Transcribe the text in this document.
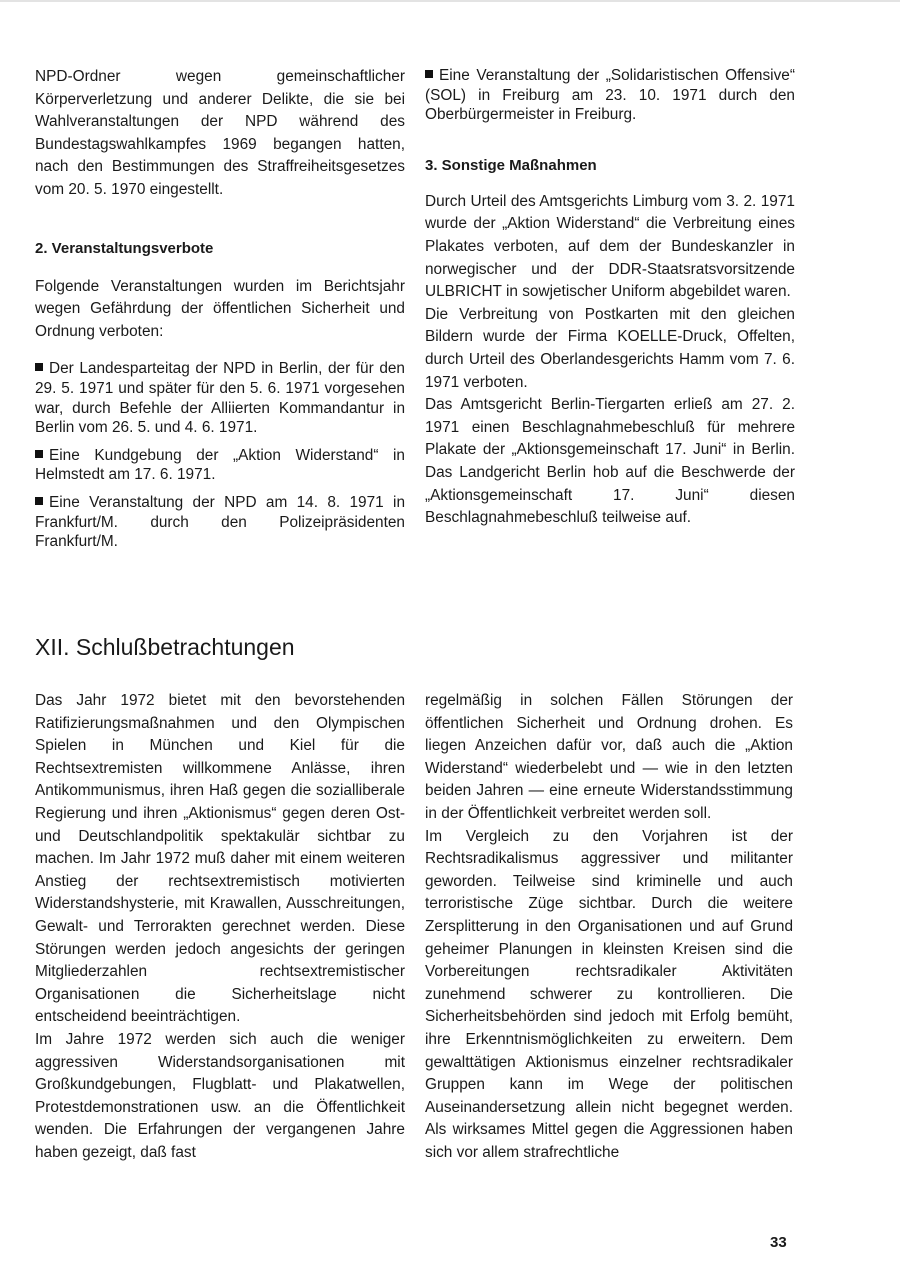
NPD-Ordner wegen gemeinschaftlicher Körperverletzung und anderer Delikte, die sie bei Wahlveranstaltungen der NPD während des Bundestagswahlkampfes 1969 begangen hatten, nach den Bestimmungen des Straffreiheitsgesetzes vom 20. 5. 1970 eingestellt.

2. Veranstaltungsverbote

Folgende Veranstaltungen wurden im Berichtsjahr wegen Gefährdung der öffentlichen Sicherheit und Ordnung verboten:

Der Landesparteitag der NPD in Berlin, der für den 29. 5. 1971 und später für den 5. 6. 1971 vorgesehen war, durch Befehle der Alliierten Kommandantur in Berlin vom 26. 5. und 4. 6. 1971.

Eine Kundgebung der „Aktion Widerstand“ in Helmstedt am 17. 6. 1971.

Eine Veranstaltung der NPD am 14. 8. 1971 in Frankfurt/M. durch den Polizeipräsidenten Frankfurt/M.

Eine Veranstaltung der „Solidaristischen Offensive“ (SOL) in Freiburg am 23. 10. 1971 durch den Oberbürgermeister in Freiburg.

3. Sonstige Maßnahmen

Durch Urteil des Amtsgerichts Limburg vom 3. 2. 1971 wurde der „Aktion Widerstand“ die Verbreitung eines Plakates verboten, auf dem der Bundeskanzler in norwegischer und der DDR-Staatsratsvorsitzende ULBRICHT in sowjetischer Uniform abgebildet waren.

Die Verbreitung von Postkarten mit den gleichen Bildern wurde der Firma KOELLE-Druck, Offelten, durch Urteil des Oberlandesgerichts Hamm vom 7. 6. 1971 verboten.

Das Amtsgericht Berlin-Tiergarten erließ am 27. 2. 1971 einen Beschlagnahmebeschluß für mehrere Plakate der „Aktionsgemeinschaft 17. Juni“ in Berlin. Das Landgericht Berlin hob auf die Beschwerde der „Aktionsgemeinschaft 17. Juni“ diesen Beschlagnahmebeschluß teilweise auf.

XII. Schlußbetrachtungen

Das Jahr 1972 bietet mit den bevorstehenden Ratifizierungsmaßnahmen und den Olympischen Spielen in München und Kiel für die Rechtsextremisten willkommene Anlässe, ihren Antikommunismus, ihren Haß gegen die sozialliberale Regierung und ihren „Aktionismus“ gegen deren Ost- und Deutschlandpolitik spektakulär sichtbar zu machen. Im Jahr 1972 muß daher mit einem weiteren Anstieg der rechtsextremistisch motivierten Widerstandshysterie, mit Krawallen, Ausschreitungen, Gewalt- und Terrorakten gerechnet werden. Diese Störungen werden jedoch angesichts der geringen Mitgliederzahlen rechtsextremistischer Organisationen die Sicherheitslage nicht entscheidend beeinträchtigen.

Im Jahre 1972 werden sich auch die weniger aggressiven Widerstandsorganisationen mit Großkundgebungen, Flugblatt- und Plakatwellen, Protestdemonstrationen usw. an die Öffentlichkeit wenden. Die Erfahrungen der vergangenen Jahre haben gezeigt, daß fast

regelmäßig in solchen Fällen Störungen der öffentlichen Sicherheit und Ordnung drohen. Es liegen Anzeichen dafür vor, daß auch die „Aktion Widerstand“ wiederbelebt und — wie in den letzten beiden Jahren — eine erneute Widerstandsstimmung in der Öffentlichkeit verbreitet werden soll.

Im Vergleich zu den Vorjahren ist der Rechtsradikalismus aggressiver und militanter geworden. Teilweise sind kriminelle und auch terroristische Züge sichtbar. Durch die weitere Zersplitterung in den Organisationen und auf Grund geheimer Planungen in kleinsten Kreisen sind die Vorbereitungen rechtsradikaler Aktivitäten zunehmend schwerer zu kontrollieren. Die Sicherheitsbehörden sind jedoch mit Erfolg bemüht, ihre Erkenntnismöglichkeiten zu erweitern. Dem gewalttätigen Aktionismus einzelner rechtsradikaler Gruppen kann im Wege der politischen Auseinandersetzung allein nicht begegnet werden. Als wirksames Mittel gegen die Aggressionen haben sich vor allem strafrechtliche

33
